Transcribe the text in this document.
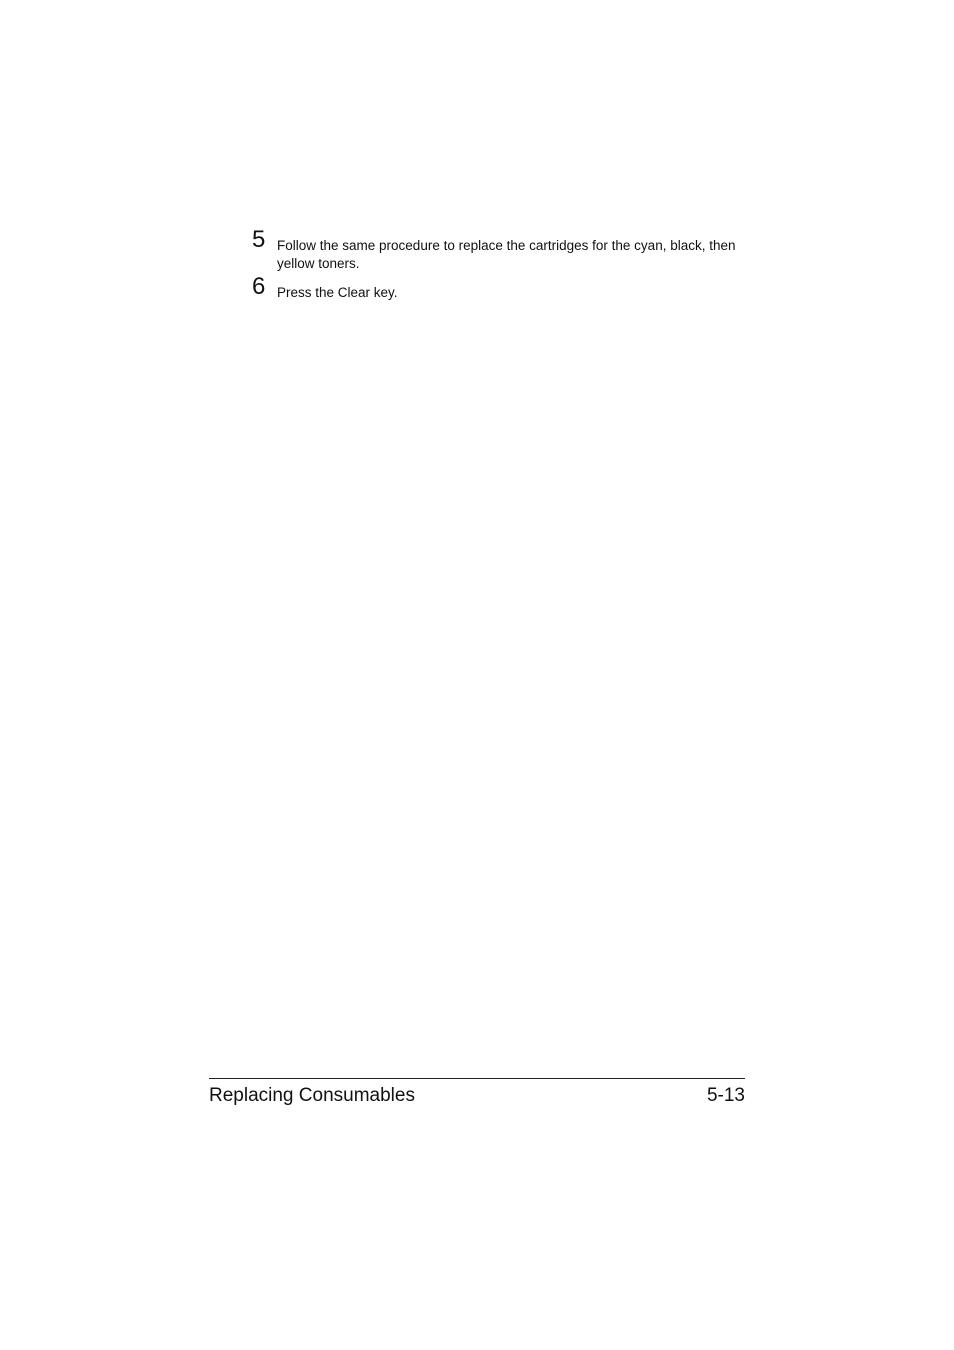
5 Follow the same procedure to replace the cartridges for the cyan, black, then yellow toners.
6 Press the Clear key.
Replacing Consumables	5-13
